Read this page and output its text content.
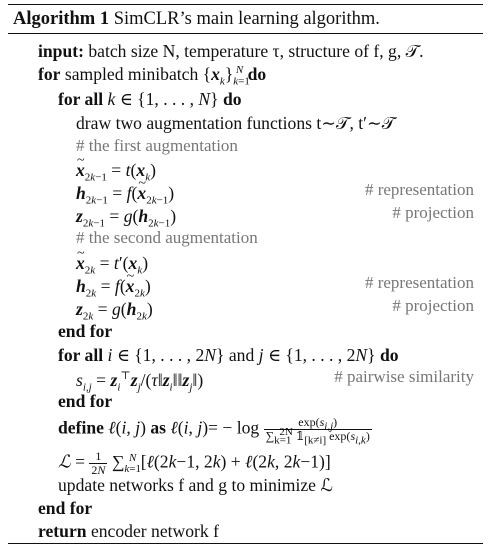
Algorithm 1 SimCLR’s main learning algorithm.
input: batch size N, temperature τ, structure of f, g, 𝒯.
for sampled minibatch $\{x_k\}_{k=1}^N$ do
for all k ∈ {1, . . . , N} do
draw two augmentation functions t∼𝒯, t′∼𝒯
# the first augmentation
~ $x_{2k-1} = t(x_k)$
$h_{2k-1}$ = f(~ $x_{2k-1}$)	# representation
$z_{2k-1} = g(h_{2k-1})$	# projection
# the second augmentation
~ $x_{2k} = t'(x_k)$
$h_{2k}$ = f(~ $x_{2k}$)	# representation
$z_{2k} = g(h_{2k})$	# projection
end for
for all i ∈ {1, . . . , 2N} and j ∈ {1, . . . , 2N} do
$s_{i,j}$ = $z_i^⊤z_j/(\tau‖z_i‖‖z_j‖)$	# pairwise similarity
end for
define ℓ(i, j) as ℓ(i, $j)= - \log \frac{\exp(s_{i,j})}{\sum_{k=1}^{2N} 𝟙_{[k\ne i]} \exp(s_{i,k})}$
ℒ = $\frac{1}{2N} \sum_{k=1}^N$ [ℓ(2k−1, 2k) + ℓ(2k, 2k−1)]
update networks f and g to minimize ℒ
end for
return encoder network f
